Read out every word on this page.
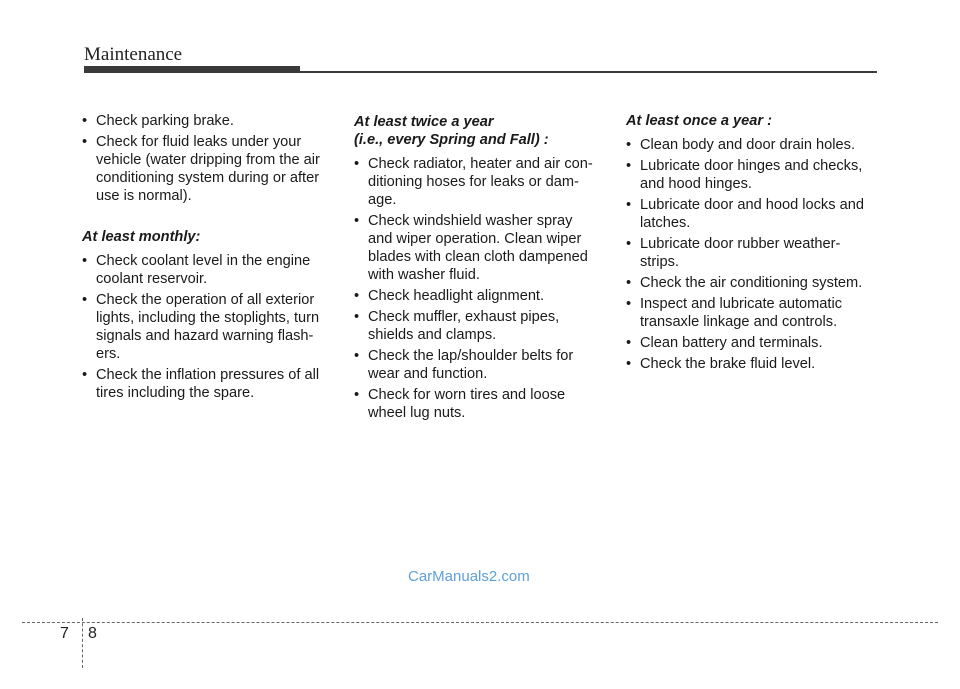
Maintenance
• Check parking brake.
• Check for fluid leaks under your
vehicle (water dripping from the air
conditioning system during or after
use is normal).
At least monthly:
• Check coolant level in the engine
coolant reservoir.
• Check the operation of all exterior
lights, including the stoplights, turn
signals and hazard warning flash-
ers.
• Check the inflation pressures of all
tires including the spare.
At least twice a year
(i.e., every Spring and Fall) :
• Check radiator, heater and air con-
ditioning hoses for leaks or dam-
age.
• Check windshield washer spray
and wiper operation. Clean wiper
blades with clean cloth dampened
with washer fluid.
• Check headlight alignment.
• Check muffler, exhaust pipes,
shields and clamps.
• Check the lap/shoulder belts for
wear and function.
• Check for worn tires and loose
wheel lug nuts.
At least once a year :
• Clean body and door drain holes.
• Lubricate door hinges and checks,
and hood hinges.
• Lubricate door and hood locks and
latches.
• Lubricate door rubber weather-
strips.
• Check the air conditioning system.
• Inspect and lubricate automatic
transaxle linkage and controls.
• Clean battery and terminals.
• Check the brake fluid level.
CarManuals2.com
7 8
